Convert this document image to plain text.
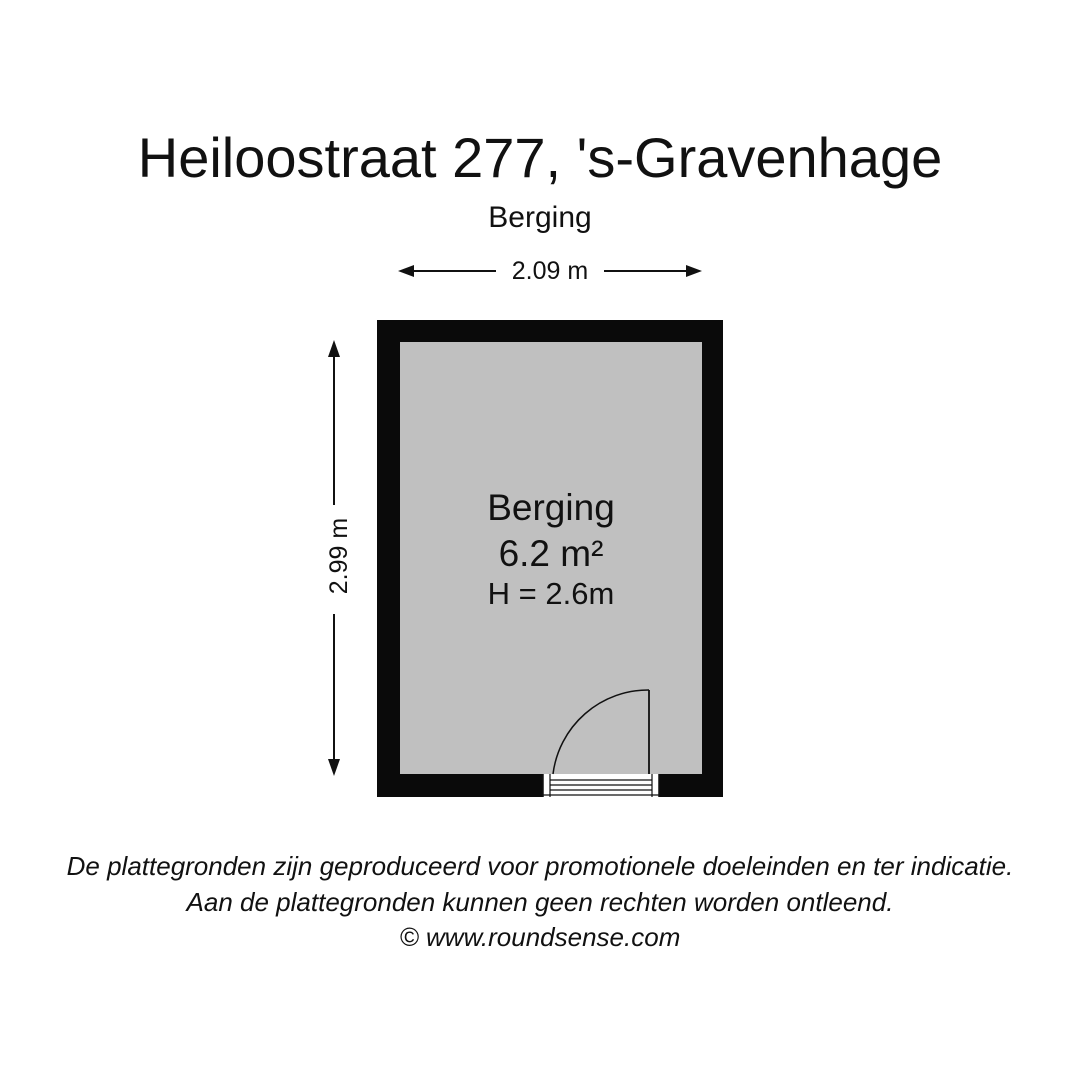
Heiloostraat 277, 's-Gravenhage
Berging
2.09 m
2.99 m
Berging
6.2 m²
H = 2.6m
De plattegronden zijn geproduceerd voor promotionele doeleinden en ter indicatie.
Aan de plattegronden kunnen geen rechten worden ontleend.
© www.roundsense.com
